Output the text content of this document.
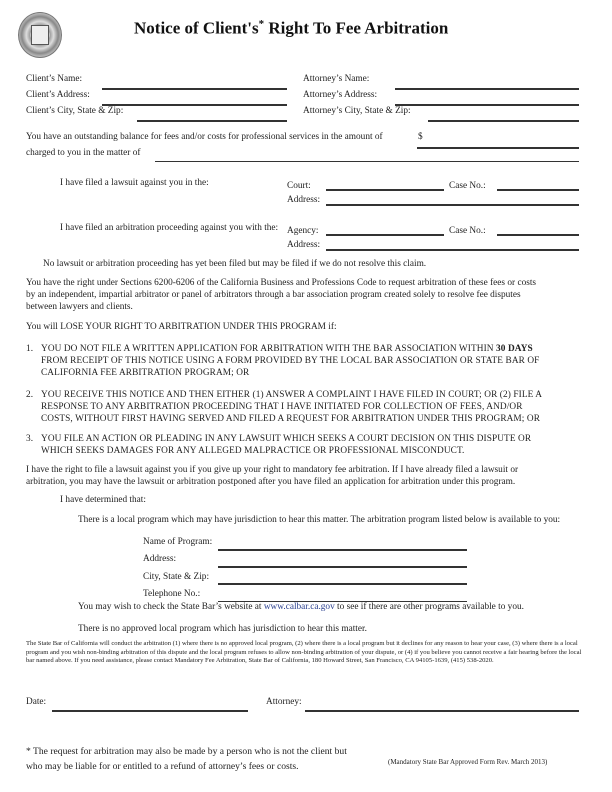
Notice of Client's* Right To Fee Arbitration
Client’s Name:
Client’s Address:
Client’s City, State & Zip:
Attorney’s Name:
Attorney’s Address:
Attorney’s City, State & Zip:
You have an outstanding balance for fees and/or costs for professional services in the amount of	$
charged to you in the matter of
I have filed a lawsuit against you in the:	Court:	Case No.:
Address:
I have filed an arbitration proceeding against you with the: Agency:	Case No.:
Address:
No lawsuit or arbitration proceeding has yet been filed but may be filed if we do not resolve this claim.
You have the right under Sections 6200-6206 of the California Business and Professions Code to request arbitration of these fees or costs
by an independent, impartial arbitrator or panel of arbitrators through a bar association program created solely to resolve fee disputes
between lawyers and clients.
You will LOSE YOUR RIGHT TO ARBITRATION UNDER THIS PROGRAM if:
1. YOU DO NOT FILE A WRITTEN APPLICATION FOR ARBITRATION WITH THE BAR ASSOCIATION WITHIN 30 DAYS
FROM RECEIPT OF THIS NOTICE USING A FORM PROVIDED BY THE LOCAL BAR ASSOCIATION OR STATE BAR OF
CALIFORNIA FEE ARBITRATION PROGRAM; OR
2. YOU RECEIVE THIS NOTICE AND THEN EITHER (1) ANSWER A COMPLAINT I HAVE FILED IN COURT; OR (2) FILE A
RESPONSE TO ANY ARBITRATION PROCEEDING THAT I HAVE INITIATED FOR COLLECTION OF FEES, AND/OR
COSTS, WITHOUT FIRST HAVING SERVED AND FILED A REQUEST FOR ARBITRATION UNDER THIS PROGRAM; OR
3. YOU FILE AN ACTION OR PLEADING IN ANY LAWSUIT WHICH SEEKS A COURT DECISION ON THIS DISPUTE OR
WHICH SEEKS DAMAGES FOR ANY ALLEGED MALPRACTICE OR PROFESSIONAL MISCONDUCT.
I have the right to file a lawsuit against you if you give up your right to mandatory fee arbitration. If I have already filed a lawsuit or
arbitration, you may have the lawsuit or arbitration postponed after you have filed an application for arbitration under this program.
I have determined that:
There is a local program which may have jurisdiction to hear this matter. The arbitration program listed below is available to you:
Name of Program:
Address:
City, State & Zip:
Telephone No.:
You may wish to check the State Bar’s website at www.calbar.ca.gov to see if there are other programs available to you.
There is no approved local program which has jurisdiction to hear this matter.
The State Bar of California will conduct the arbitration (1) where there is no approved local program, (2) where there is a local program but it declines for any reason to hear your case, (3) where there is a local program and you wish non-binding arbitration of this dispute and the local program refuses to allow non-binding arbitration of your dispute, or (4) if you believe you cannot receive a fair hearing before the local bar named above. If you need assistance, please contact Mandatory Fee Arbitration, State Bar of California, 180 Howard Street, San Francisco, CA 94105-1639, (415) 538-2020.
Date:	Attorney:
* The request for arbitration may also be made by a person who is not the client but
who may be liable for or entitled to a refund of attorney’s fees or costs.	(Mandatory State Bar Approved Form Rev. March 2013)
